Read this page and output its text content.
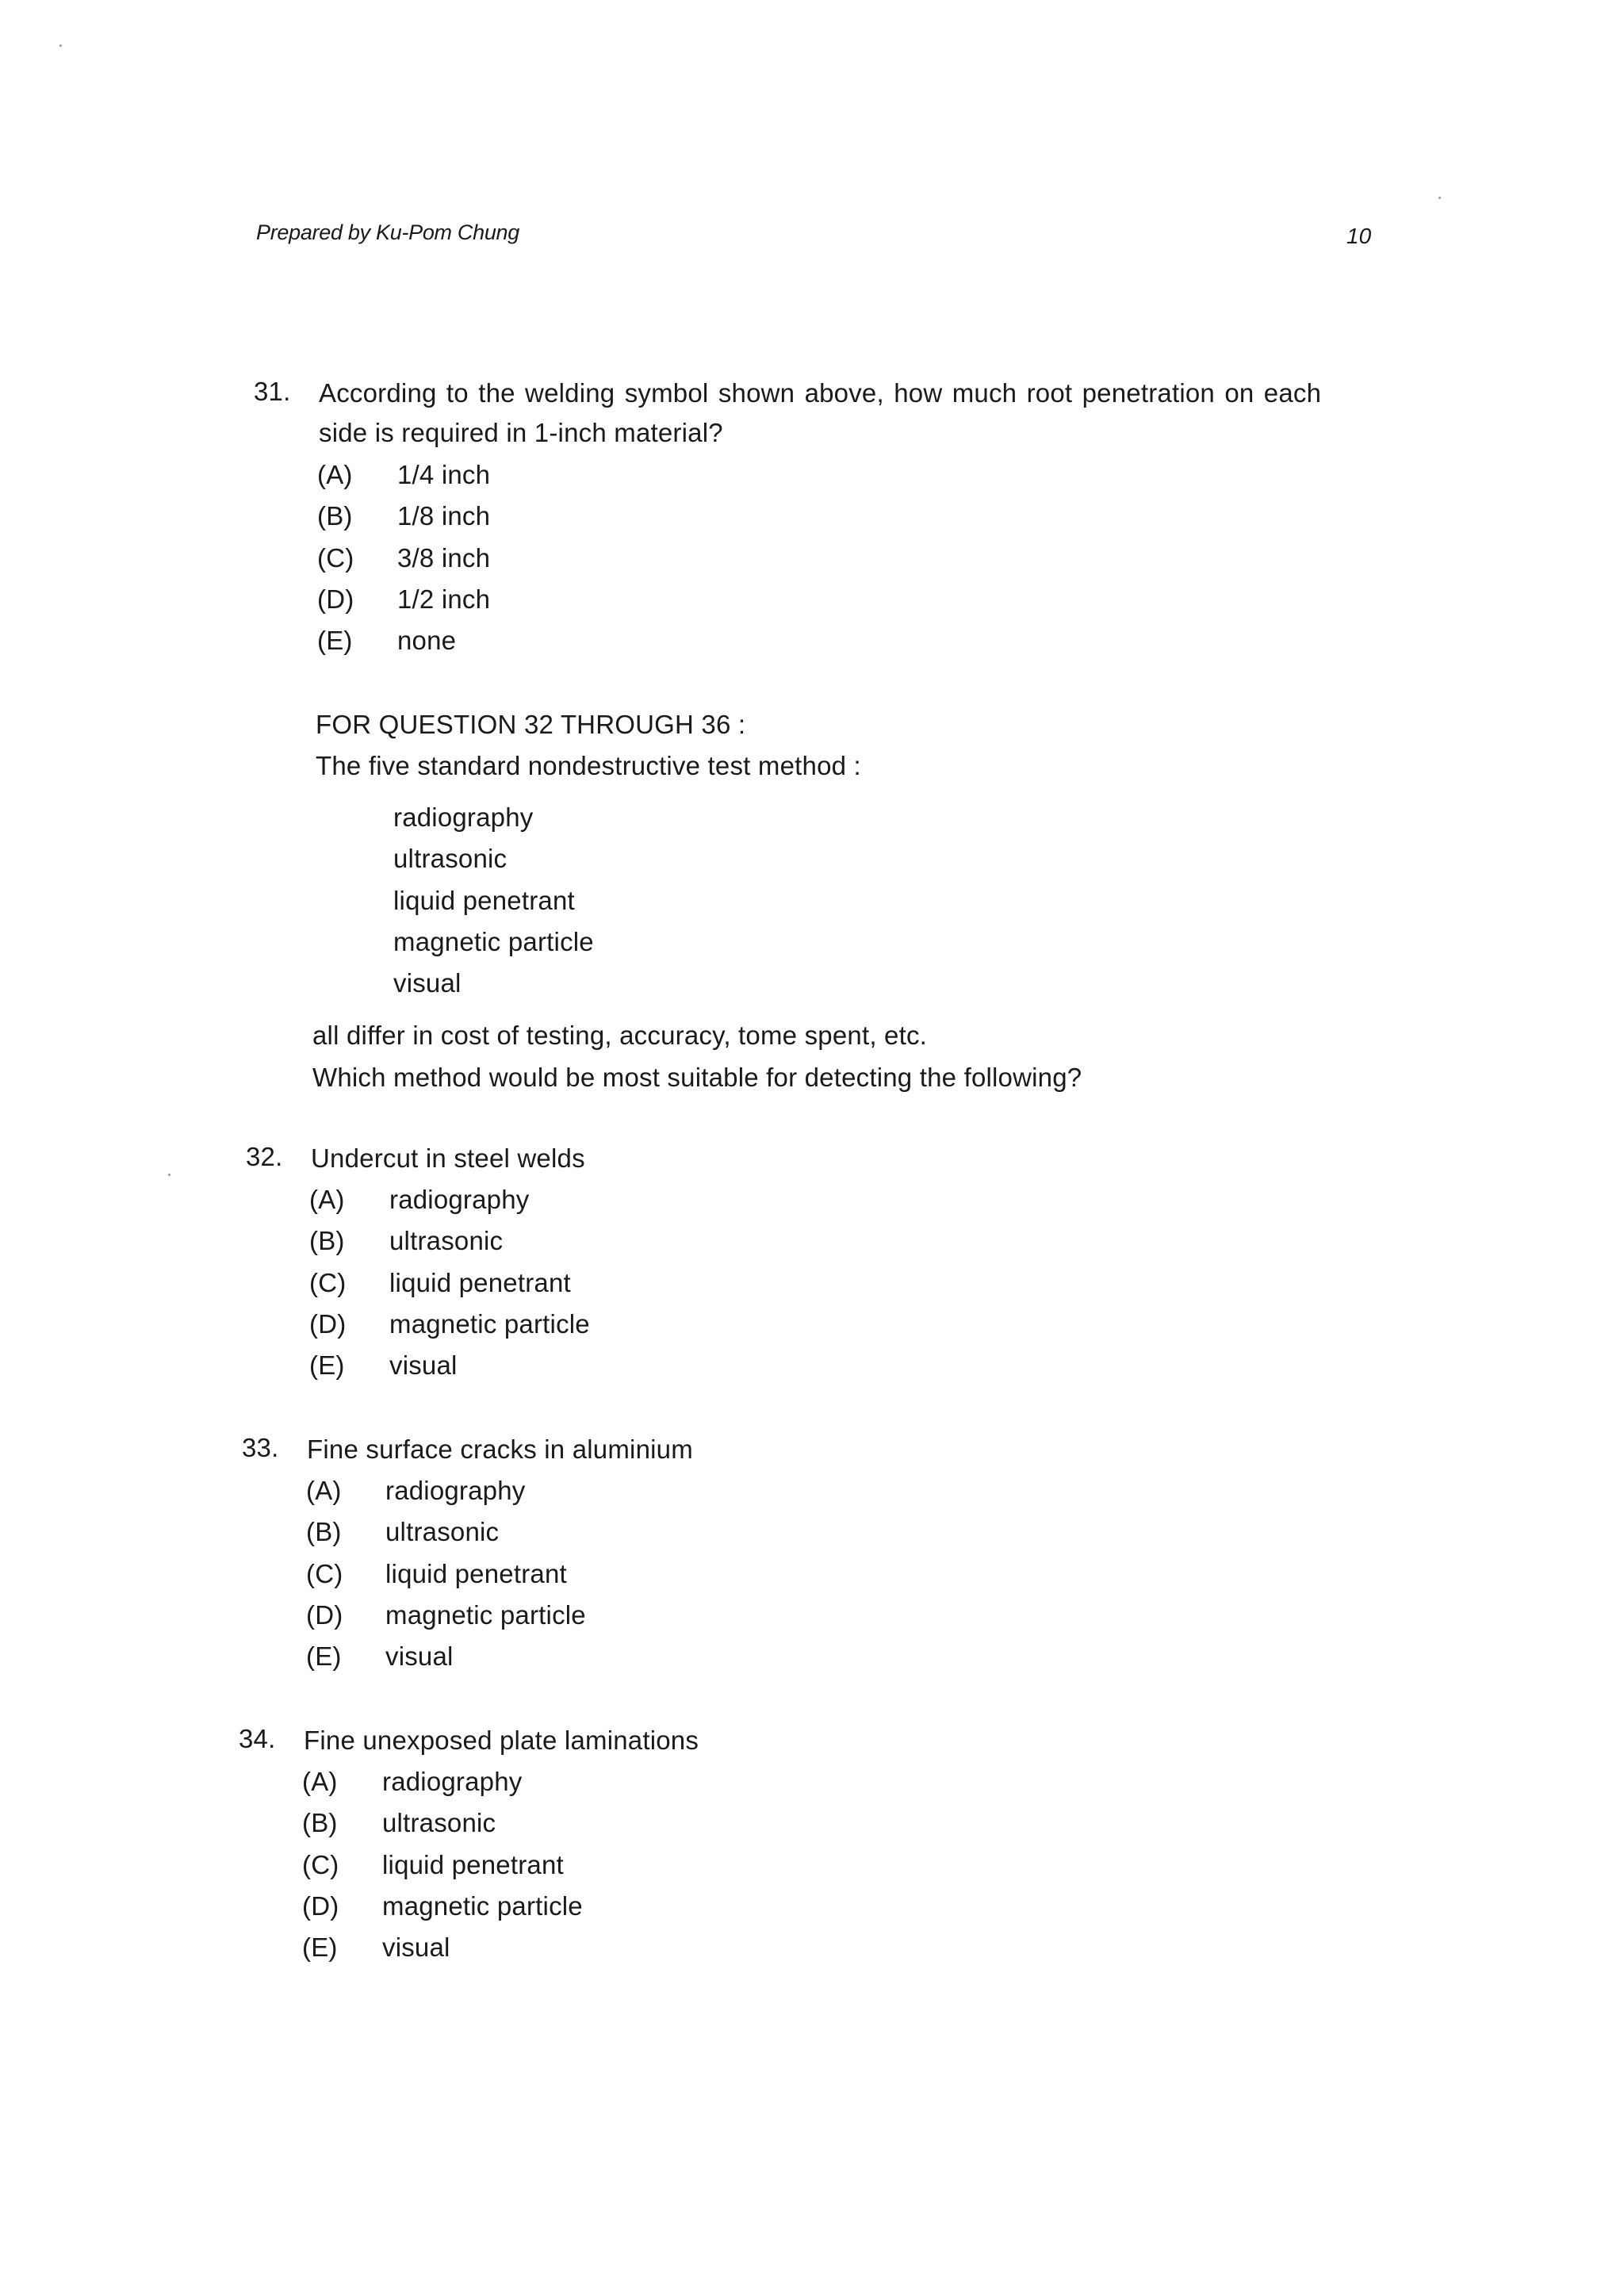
Prepared by Ku-Pom Chung	10
31. According to the welding symbol shown above, how much root penetration on each
side is required in 1-inch material?
(A) 1/4 inch
(B) 1/8 inch
(C) 3/8 inch
(D) 1/2 inch
(E) none
FOR QUESTION 32 THROUGH 36 :
The five standard nondestructive test method :
radiography
ultrasonic
liquid penetrant
magnetic particle
visual
all differ in cost of testing, accuracy, tome spent, etc.
Which method would be most suitable for detecting the following?
32. Undercut in steel welds
(A) radiography
(B) ultrasonic
(C) liquid penetrant
(D) magnetic particle
(E) visual
33. Fine surface cracks in aluminium
(A) radiography
(B) ultrasonic
(C) liquid penetrant
(D) magnetic particle
(E) visual
34. Fine unexposed plate laminations
(A) radiography
(B) ultrasonic
(C) liquid penetrant
(D) magnetic particle
(E) visual
